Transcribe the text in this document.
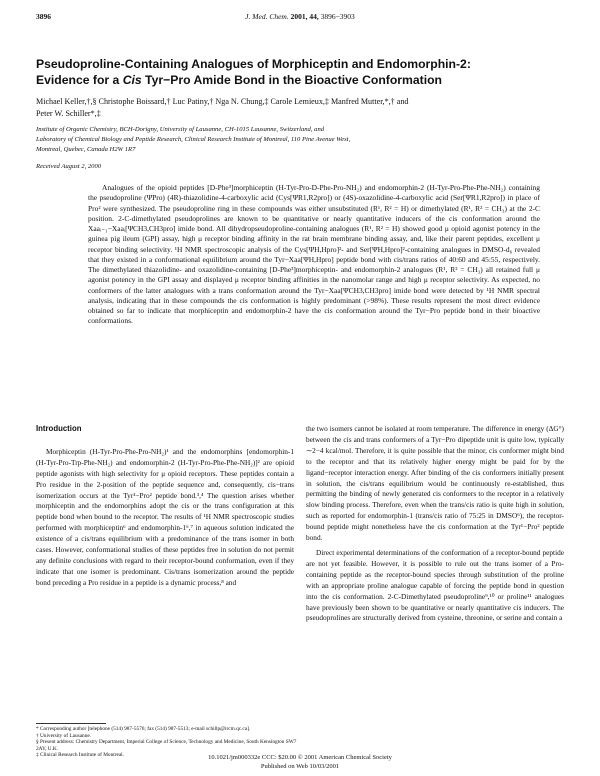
3896	J. Med. Chem. 2001, 44, 3896−3903
Pseudoproline-Containing Analogues of Morphiceptin and Endomorphin-2:
Evidence for a Cis Tyr−Pro Amide Bond in the Bioactive Conformation
Michael Keller,†,§ Christophe Boissard,† Luc Patiny,† Nga N. Chung,‡ Carole Lemieux,‡ Manfred Mutter,*,† and
Peter W. Schiller*,‡
Institute of Organic Chemistry, BCH-Dorigny, University of Lausanne, CH-1015 Lausanne, Switzerland, and
Laboratory of Chemical Biology and Peptide Research, Clinical Research Institute of Montreal, 110 Pine Avenue West,
Montreal, Quebec, Canada H2W 1R7
Received August 2, 2000

Analogues of the opioid peptides [D-Phe³]morphiceptin (H-Tyr-Pro-D-Phe-Pro-NH₂) and endomorphin-2 (H-Tyr-Pro-Phe-Phe-NH₂) containing the pseudoproline (ΨPro) (4R)-thiazolidine-4-carboxylic acid (Cys[ΨR1,R2pro]) or (4S)-oxazolidine-4-carboxylic acid (Ser[ΨR1,R2pro]) in place of Pro² were synthesized. The pseudoproline ring in these compounds was either unsubstituted (R¹, R² = H) or dimethylated (R¹, R² = CH₃) at the 2-C position. 2-C-dimethylated pseudoprolines are known to be quantitative or nearly quantitative inducers of the cis conformation around the Xaaᵢ₋₁−Xaaᵢ[ΨCH3,CH3pro] imide bond. All dihydropseudoproline-containing analogues (R¹, R² = H) showed good μ opioid agonist potency in the guinea pig ileum (GPI) assay, high μ receptor binding affinity in the rat brain membrane binding assay, and, like their parent peptides, excellent μ receptor binding selectivity. ¹H NMR spectroscopic analysis of the Cys[ΨH,Hpro]²- and Ser[ΨH,Hpro]²-containing analogues in DMSO-d₆ revealed that they existed in a conformational equilibrium around the Tyr−Xaa[ΨH,Hpro] peptide bond with cis/trans ratios of 40:60 and 45:55, respectively. The dimethylated thiazolidine- and oxazolidine-containing [D-Phe³]morphiceptin- and endomorphin-2 analogues (R¹, R² = CH₃) all retained full μ agonist potency in the GPI assay and displayed μ receptor binding affinities in the nanomolar range and high μ receptor selectivity. As expected, no conformers of the latter analogues with a trans conformation around the Tyr−Xaa[ΨCH3,CH3pro] imide bond were detected by ¹H NMR spectral analysis, indicating that in these compounds the cis conformation is highly predominant (>98%). These results represent the most direct evidence obtained so far to indicate that morphiceptin and endomorphin-2 have the cis conformation around the Tyr−Pro peptide bond in their bioactive conformations.

Introduction

Morphiceptin (H-Tyr-Pro-Phe-Pro-NH₂)¹ and the endomorphins [endomorphin-1 (H-Tyr-Pro-Trp-Phe-NH₂) and endomorphin-2 (H-Tyr-Pro-Phe-Phe-NH₂)]² are opioid peptide agonists with high selectivity for μ opioid receptors. These peptides contain a Pro residue in the 2-position of the peptide sequence and, consequently, cis−trans isomerization occurs at the Tyr¹−Pro² peptide bond.³,⁴ The question arises whether morphiceptin and the endomorphins adopt the cis or the trans configuration at this peptide bond when bound to the receptor. The results of ¹H NMR spectroscopic studies performed with morphiceptin⁶ and endomorphin-1⁶,⁷ in aqueous solution indicated the existence of a cis/trans equilibrium with a predominance of the trans isomer in both cases. However, conformational studies of these peptides free in solution do not permit any definite conclusions with regard to their receptor-bound conformation, even if they indicate that one isomer is predominant. Cis/trans isomerization around the peptide bond preceding a Pro residue in a peptide is a dynamic process,⁸ and

the two isomers cannot be isolated at room temperature. The difference in energy (ΔG°) between the cis and trans conformers of a Tyr−Pro dipeptide unit is quite low, typically ∼2−4 kcal/mol. Therefore, it is quite possible that the minor, cis conformer might bind to the receptor and that its relatively higher energy might be paid for by the ligand−receptor interaction energy. After binding of the cis conformers initially present in solution, the cis/trans equilibrium would be continuously re-established, thus permitting the binding of newly generated cis conformers to the receptor in a relatively slow binding process. Therefore, even when the trans/cis ratio is quite high in solution, such as reported for endomorphin-1 (trans/cis ratio of 75:25 in DMSO⁶), the receptor-bound peptide might nonetheless have the cis conformation at the Tyr¹−Pro² peptide bond.

Direct experimental determinations of the conformation of a receptor-bound peptide are not yet feasible. However, it is possible to rule out the trans isomer of a Pro-containing peptide as the receptor-bound species through substitution of the proline with an appropriate proline analogue capable of forcing the peptide bond in question into the cis conformation. 2-C-Dimethylated pseudoproline⁹,¹⁰ or proline¹¹ analogues have previously been shown to be quantitative or nearly quantitative cis inducers. The pseudoprolines are structurally derived from cysteine, threonine, or serine and contain a

* Corresponding author [telephone (514) 987-5576; fax (514) 987-5513; e-mail schillp@ircm.qc.ca].
† University of Lausanne.
§ Present address: Chemistry Department, Imperial College of Science, Technology and Medicine, South Kensington SW7 2AY, U.K.
‡ Clinical Research Institute of Montreal.	10.1021/jm000332e CCC: $20.00 © 2001 American Chemical Society
Published on Web 10/03/2001
